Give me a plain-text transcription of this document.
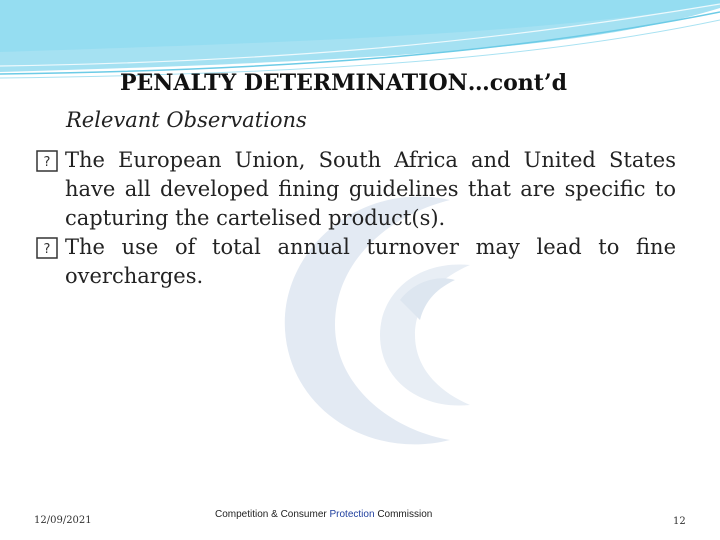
PENALTY DETERMINATION…cont’d
Relevant Observations
? The European Union, South Africa and United States have all developed fining guidelines that are specific to capturing the cartelised product(s).
? The use of total annual turnover may lead to fine overcharges.
12/09/2021
Competition & Consumer Protection Commission
12
